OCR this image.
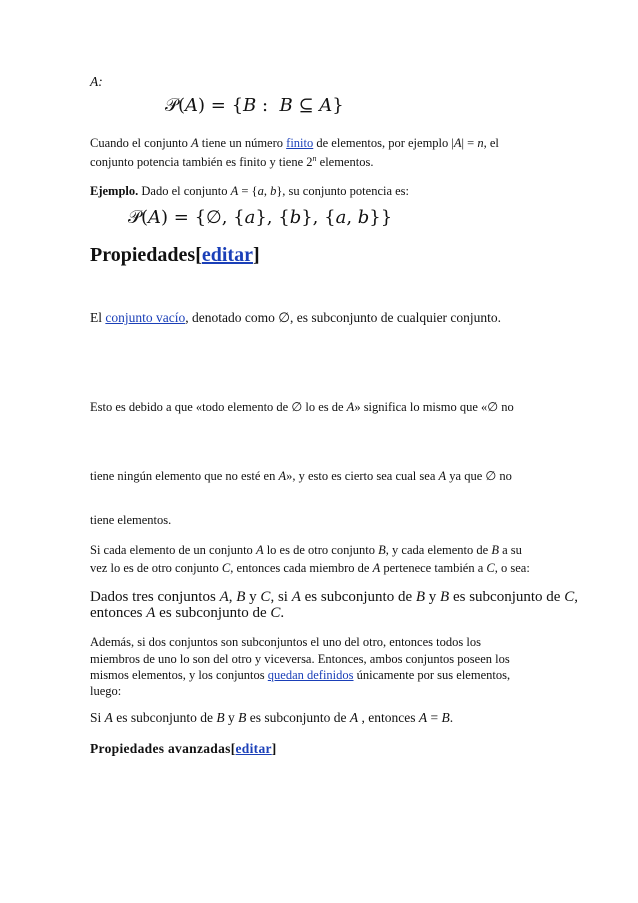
A:
𝒫(A) = {B :  B ⊆ A}
Cuando el conjunto A tiene un número finito de elementos, por ejemplo |A| = n, el
conjunto potencia también es finito y tiene 2$^n$ elementos.
Ejemplo. Dado el conjunto A = {a, b}, su conjunto potencia es:
𝒫(A) = {∅, {a}, {b}, {a, b}}
Propiedades[editar]
El conjunto vacío, denotado como ∅, es subconjunto de cualquier conjunto.
Esto es debido a que «todo elemento de ∅ lo es de A» significa lo mismo que «∅ no
tiene ningún elemento que no esté en A», y esto es cierto sea cual sea A ya que ∅ no
tiene elementos.
Si cada elemento de un conjunto A lo es de otro conjunto B, y cada elemento de B a su
vez lo es de otro conjunto C, entonces cada miembro de A pertenece también a C, o sea:
Dados tres conjuntos A, B y C, si A es subconjunto de B y B es subconjunto de C,
entonces A es subconjunto de C.
Además, si dos conjuntos son subconjuntos el uno del otro, entonces todos los
miembros de uno lo son del otro y viceversa. Entonces, ambos conjuntos poseen los
mismos elementos, y los conjuntos quedan definidos únicamente por sus elementos,
luego:
Si A es subconjunto de B y B es subconjunto de A , entonces A = B.
Propiedades avanzadas[editar]
